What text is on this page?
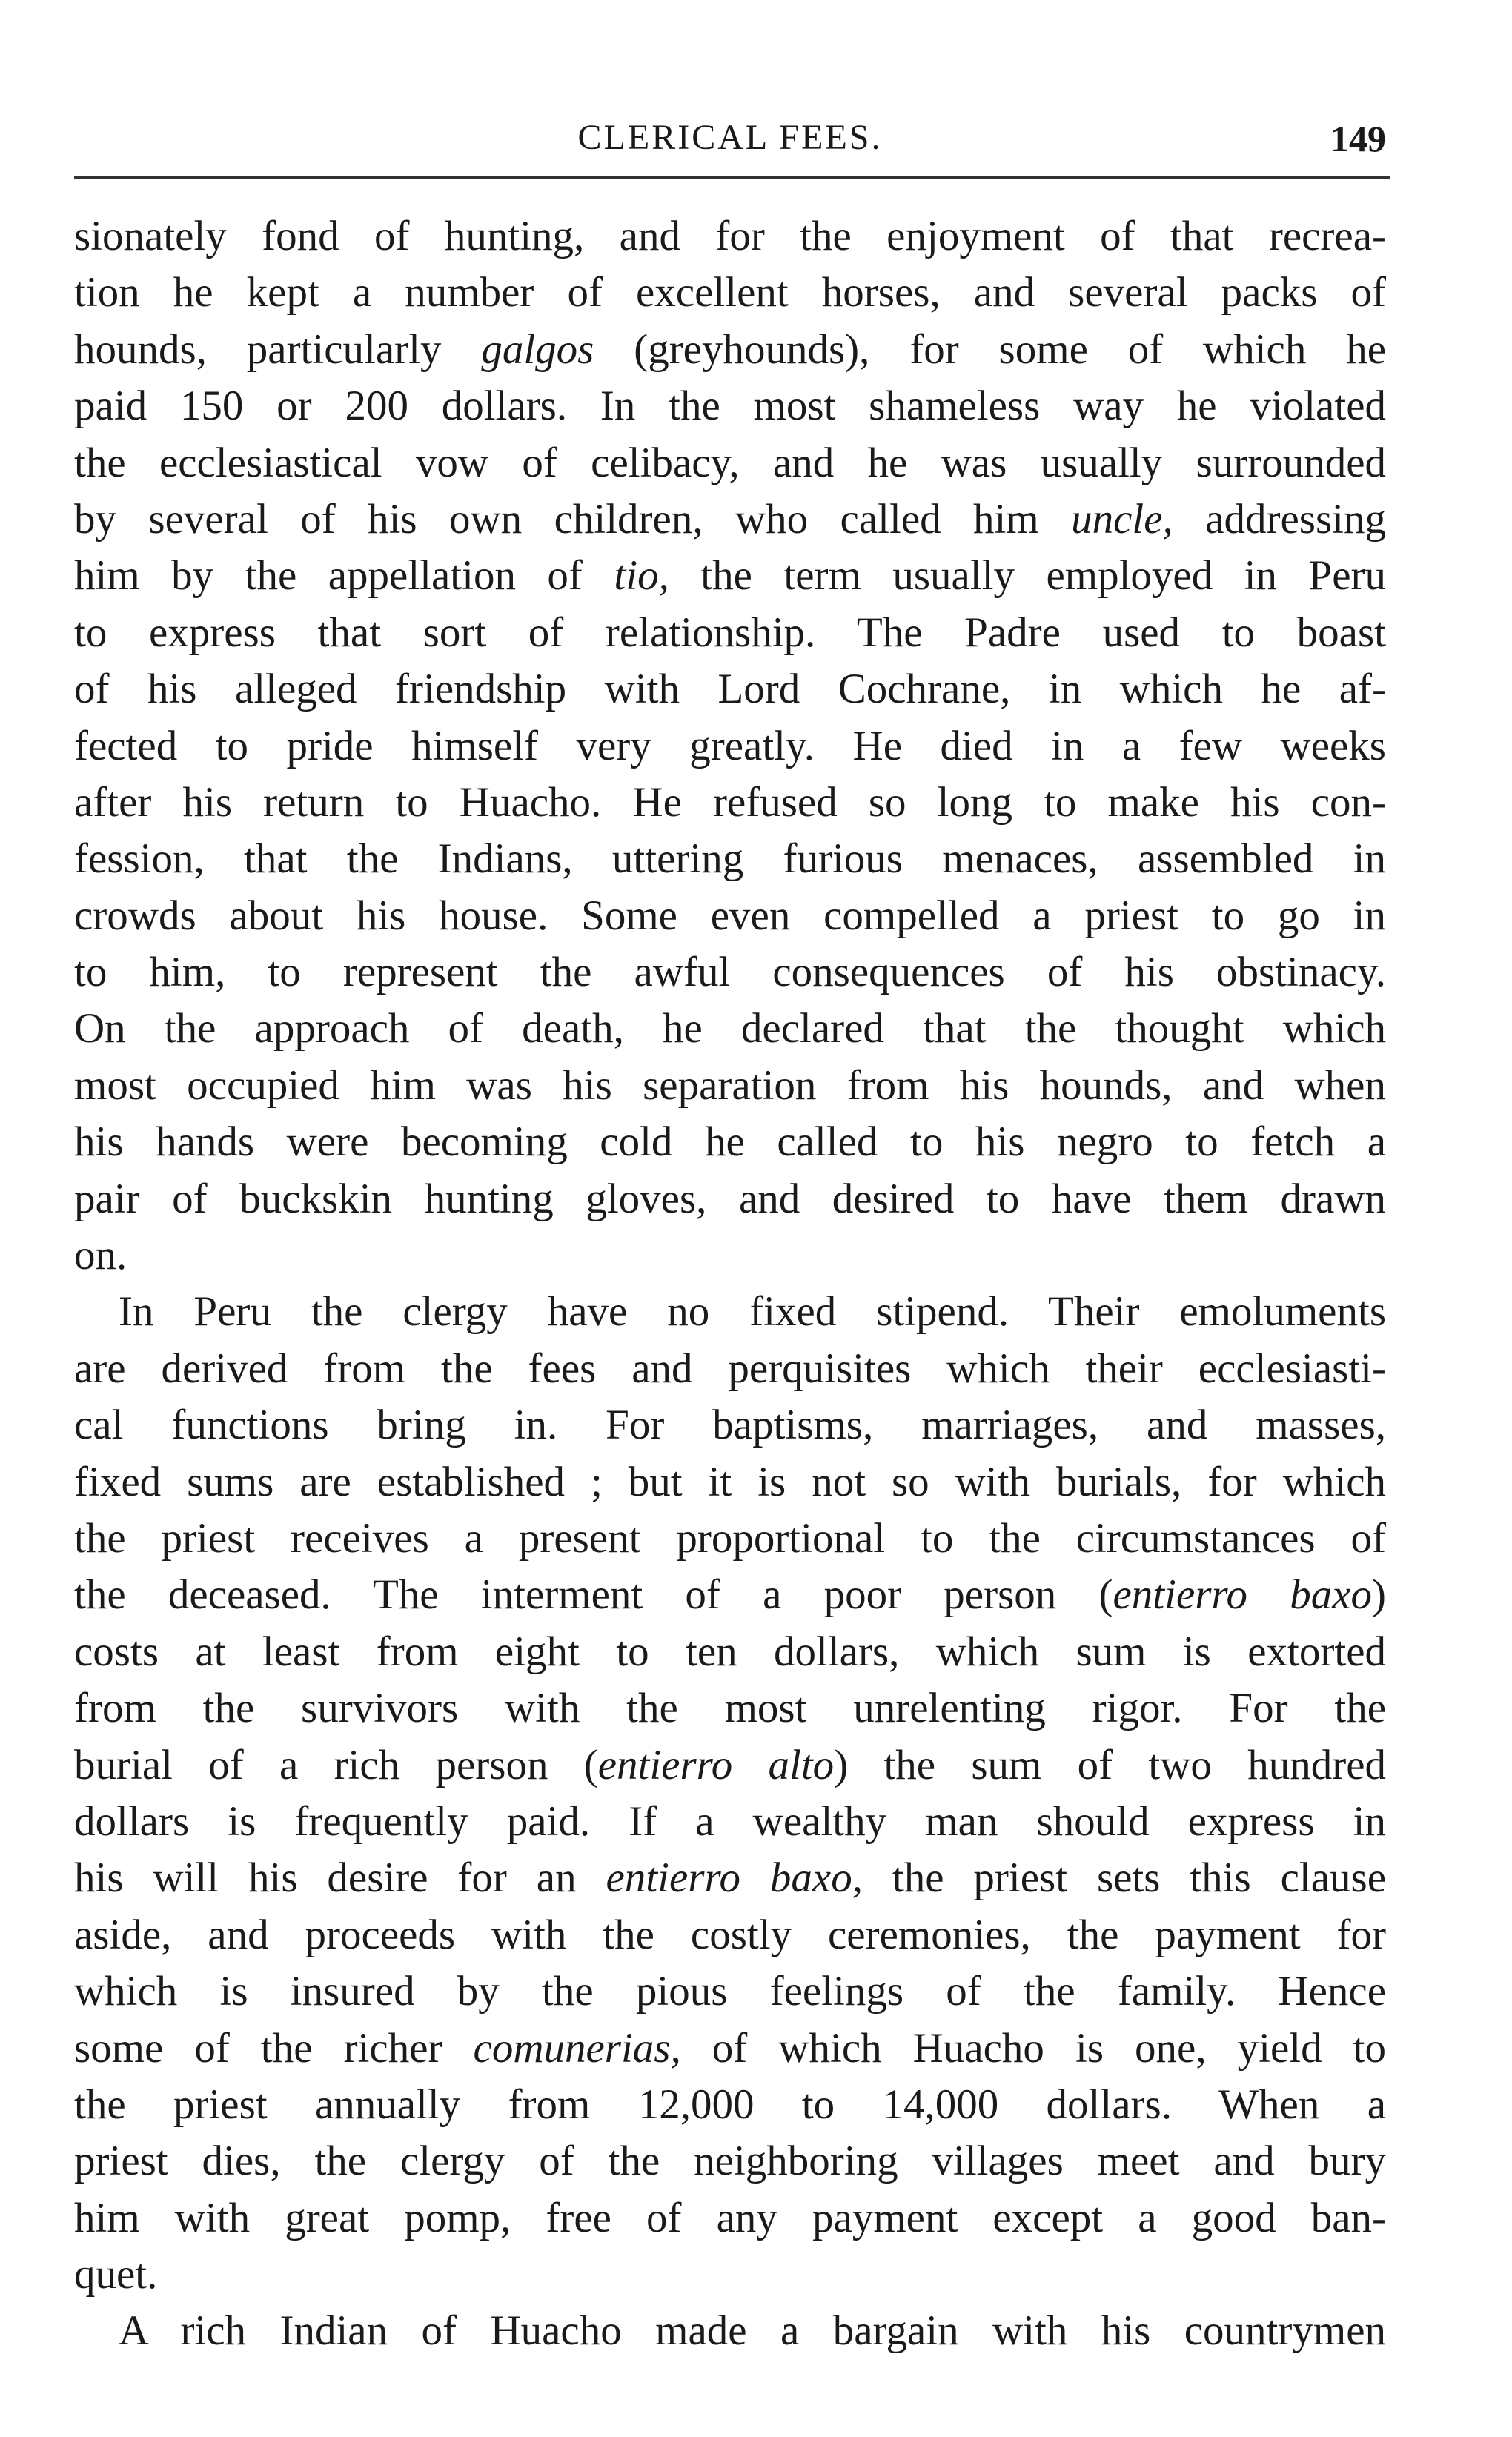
CLERICAL FEES.	149
sionately fond of hunting, and for the enjoyment of that recrea-
tion he kept a number of excellent horses, and several packs of
hounds, particularly galgos (greyhounds), for some of which he
paid 150 or 200 dollars. In the most shameless way he violated
the ecclesiastical vow of celibacy, and he was usually surrounded
by several of his own children, who called him uncle, addressing
him by the appellation of tio, the term usually employed in Peru
to express that sort of relationship. The Padre used to boast
of his alleged friendship with Lord Cochrane, in which he af-
fected to pride himself very greatly. He died in a few weeks
after his return to Huacho. He refused so long to make his con-
fession, that the Indians, uttering furious menaces, assembled in
crowds about his house. Some even compelled a priest to go in
to him, to represent the awful consequences of his obstinacy.
On the approach of death, he declared that the thought which
most occupied him was his separation from his hounds, and when
his hands were becoming cold he called to his negro to fetch a
pair of buckskin hunting gloves, and desired to have them drawn
on.
In Peru the clergy have no fixed stipend. Their emoluments
are derived from the fees and perquisites which their ecclesiasti-
cal functions bring in. For baptisms, marriages, and masses,
fixed sums are established ; but it is not so with burials, for which
the priest receives a present proportional to the circumstances of
the deceased. The interment of a poor person (entierro baxo)
costs at least from eight to ten dollars, which sum is extorted
from the survivors with the most unrelenting rigor. For the
burial of a rich person (entierro alto) the sum of two hundred
dollars is frequently paid. If a wealthy man should express in
his will his desire for an entierro baxo, the priest sets this clause
aside, and proceeds with the costly ceremonies, the payment for
which is insured by the pious feelings of the family. Hence
some of the richer comunerias, of which Huacho is one, yield to
the priest annually from 12,000 to 14,000 dollars. When a
priest dies, the clergy of the neighboring villages meet and bury
him with great pomp, free of any payment except a good ban-
quet.
A rich Indian of Huacho made a bargain with his countrymen
